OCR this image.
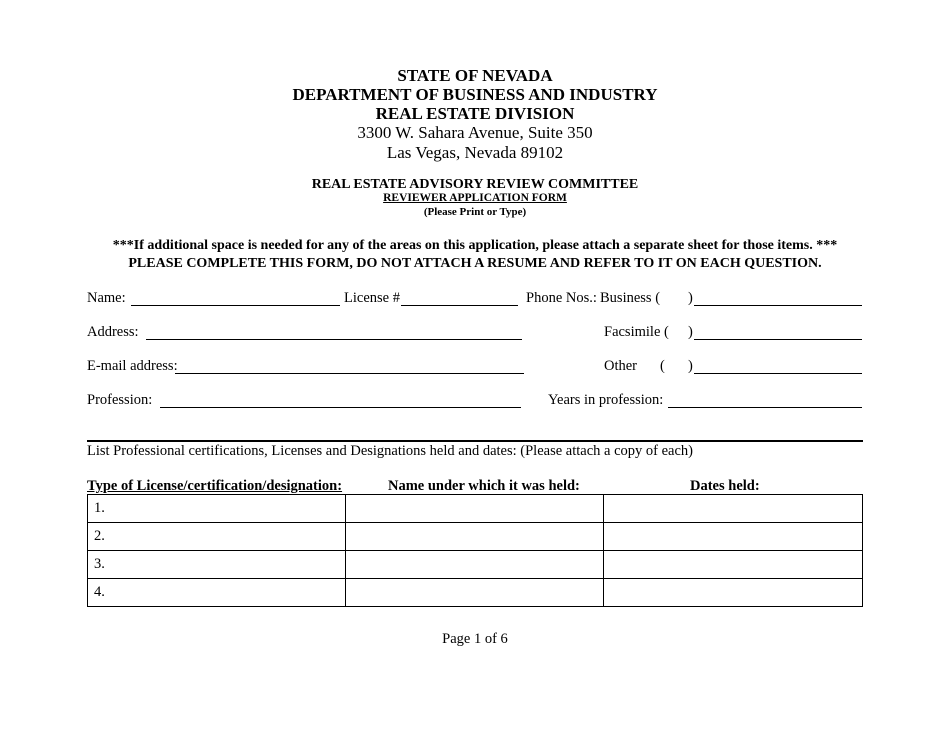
STATE OF NEVADA
DEPARTMENT OF BUSINESS AND INDUSTRY
REAL ESTATE DIVISION
3300 W. Sahara Avenue, Suite 350
Las Vegas, Nevada 89102
REAL ESTATE ADVISORY REVIEW COMMITTEE
REVIEWER APPLICATION FORM
(Please Print or Type)
***If additional space is needed for any of the areas on this application, please attach a separate sheet for those items. ***
PLEASE COMPLETE THIS FORM, DO NOT ATTACH A RESUME AND REFER TO IT ON EACH QUESTION.
Name:	License #	Phone Nos.: Business ( )
Address:	Facsimile ( )
E-mail address:	Other ( )
Profession:	Years in profession:
List Professional certifications, Licenses and Designations held and dates: (Please attach a copy of each)
Type of License/certification/designation:	Name under which it was held:	Dates held:
1.		
2.		
3.		
4.		
Page 1 of 6
